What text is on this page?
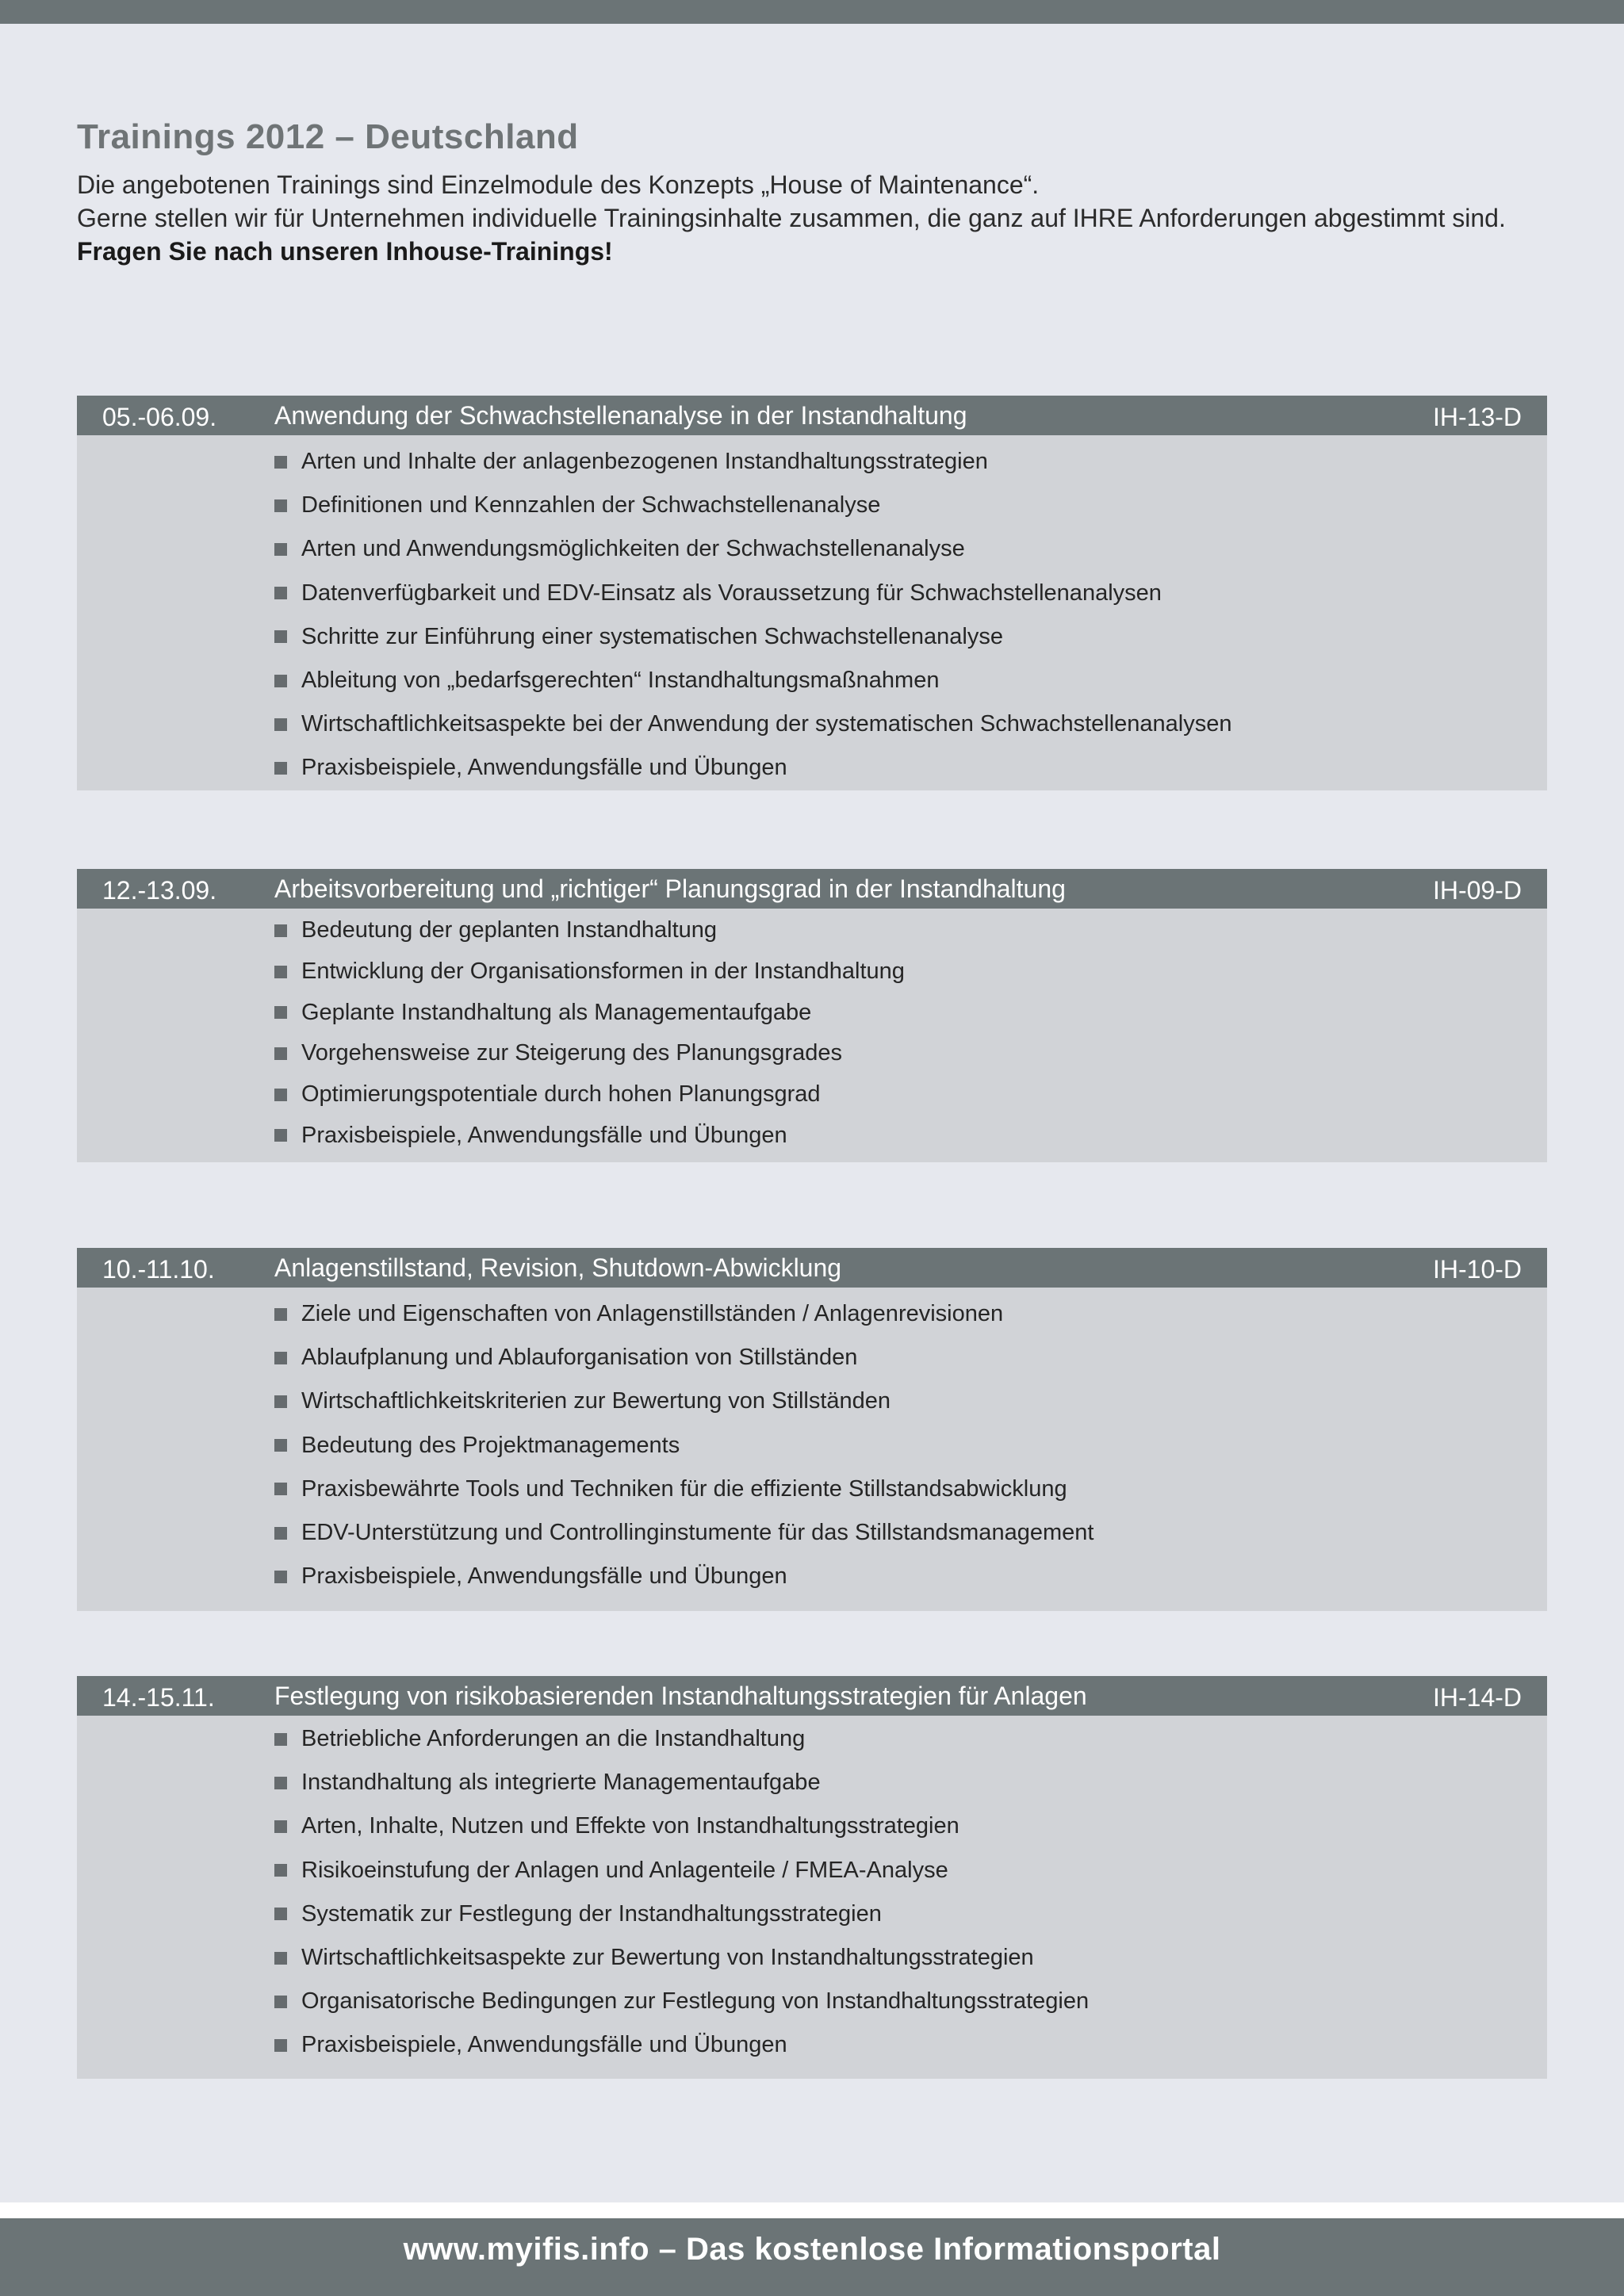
Trainings 2012 – Deutschland

Die angebotenen Trainings sind Einzelmodule des Konzepts „House of Maintenance“.
Gerne stellen wir für Unternehmen individuelle Trainingsinhalte zusammen, die ganz auf IHRE Anforderungen abgestimmt sind. Fragen Sie nach unseren Inhouse-Trainings!

05.-06.09. Anwendung der Schwachstellenanalyse in der Instandhaltung	IH-13-D
Arten und Inhalte der anlagenbezogenen Instandhaltungsstrategien
Definitionen und Kennzahlen der Schwachstellenanalyse
Arten und Anwendungsmöglichkeiten der Schwachstellenanalyse
Datenverfügbarkeit und EDV-Einsatz als Voraussetzung für Schwachstellenanalysen
Schritte zur Einführung einer systematischen Schwachstellenanalyse
Ableitung von „bedarfsgerechten“ Instandhaltungsmaßnahmen
Wirtschaftlichkeitsaspekte bei der Anwendung der systematischen Schwachstellenanalysen
Praxisbeispiele, Anwendungsfälle und Übungen
12.-13.09. Arbeitsvorbereitung und „richtiger“ Planungsgrad in der Instandhaltung	IH-09-D
Bedeutung der geplanten Instandhaltung
Entwicklung der Organisationsformen in der Instandhaltung
Geplante Instandhaltung als Managementaufgabe
Vorgehensweise zur Steigerung des Planungsgrades
Optimierungspotentiale durch hohen Planungsgrad
Praxisbeispiele, Anwendungsfälle und Übungen
10.-11.10. Anlagenstillstand, Revision, Shutdown-Abwicklung	IH-10-D
Ziele und Eigenschaften von Anlagenstillständen / Anlagenrevisionen
Ablaufplanung und Ablauforganisation von Stillständen
Wirtschaftlichkeitskriterien zur Bewertung von Stillständen
Bedeutung des Projektmanagements
Praxisbewährte Tools und Techniken für die effiziente Stillstandsabwicklung
EDV-Unterstützung und Controllinginstumente für das Stillstandsmanagement
Praxisbeispiele, Anwendungsfälle und Übungen
14.-15.11. Festlegung von risikobasierenden Instandhaltungsstrategien für Anlagen	IH-14-D
Betriebliche Anforderungen an die Instandhaltung
Instandhaltung als integrierte Managementaufgabe
Arten, Inhalte, Nutzen und Effekte von Instandhaltungsstrategien
Risikoeinstufung der Anlagen und Anlagenteile / FMEA-Analyse
Systematik zur Festlegung der Instandhaltungsstrategien
Wirtschaftlichkeitsaspekte zur Bewertung von Instandhaltungsstrategien
Organisatorische Bedingungen zur Festlegung von Instandhaltungsstrategien
Praxisbeispiele, Anwendungsfälle und Übungen
www.myifis.info – Das kostenlose Informationsportal
